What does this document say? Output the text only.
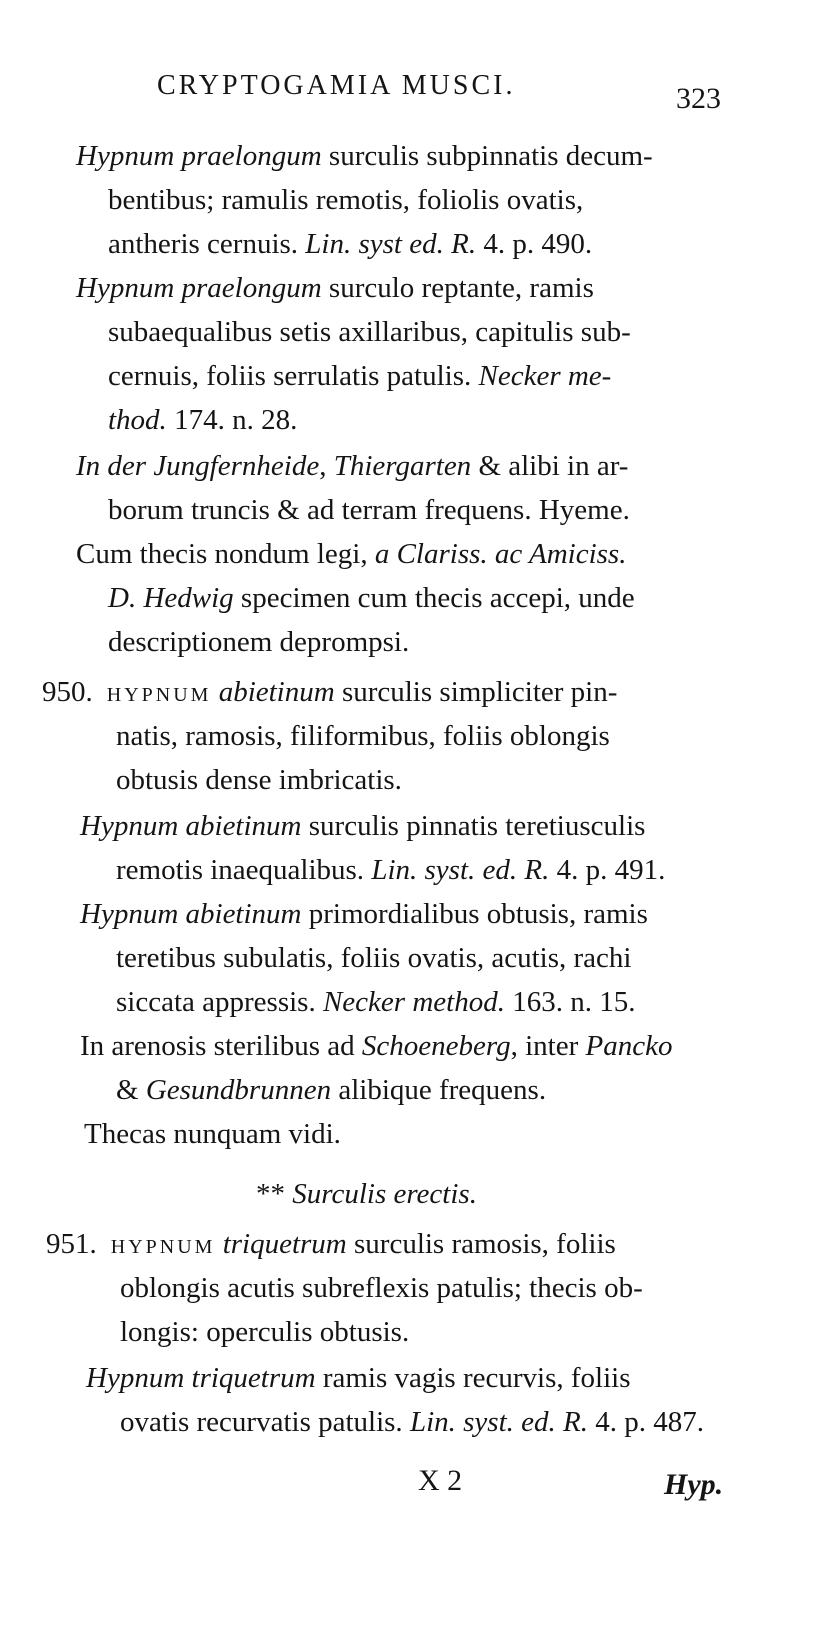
CRYPTOGAMIA MUSCI.	323
Hypnum praelongum surculis subpinnatis decum-
bentibus; ramulis remotis, foliolis ovatis,
antheris cernuis. Lin. syst ed. R. 4. p. 490.
Hypnum praelongum surculo reptante, ramis
subaequalibus setis axillaribus, capitulis sub-
cernuis, foliis serrulatis patulis. Necker me-
thod. 174. n. 28.
In der Jungfernheide, Thiergarten & alibi in ar-
borum truncis & ad terram frequens. Hyeme.
Cum thecis nondum legi, a Clariss. ac Amiciss.
D. Hedwig specimen cum thecis accepi, unde
descriptionem deprompsi.
950. HYPNUM abietinum surculis simpliciter pin-
natis, ramosis, filiformibus, foliis oblongis
obtusis dense imbricatis.
Hypnum abietinum surculis pinnatis teretiusculis
remotis inaequalibus. Lin. syst. ed. R. 4. p. 491.
Hypnum abietinum primordialibus obtusis, ramis
teretibus subulatis, foliis ovatis, acutis, rachi
siccata appressis. Necker method. 163. n. 15.
In arenosis sterilibus ad Schoeneberg, inter Pancko
& Gesundbrunnen alibique frequens.
Thecas nunquam vidi.
** Surculis erectis.
951. HYPNUM triquetrum surculis ramosis, foliis
oblongis acutis subreflexis patulis; thecis ob-
longis: operculis obtusis.
Hypnum triquetrum ramis vagis recurvis, foliis
ovatis recurvatis patulis. Lin. syst. ed. R. 4. p. 487.
X 2	Hyp.
